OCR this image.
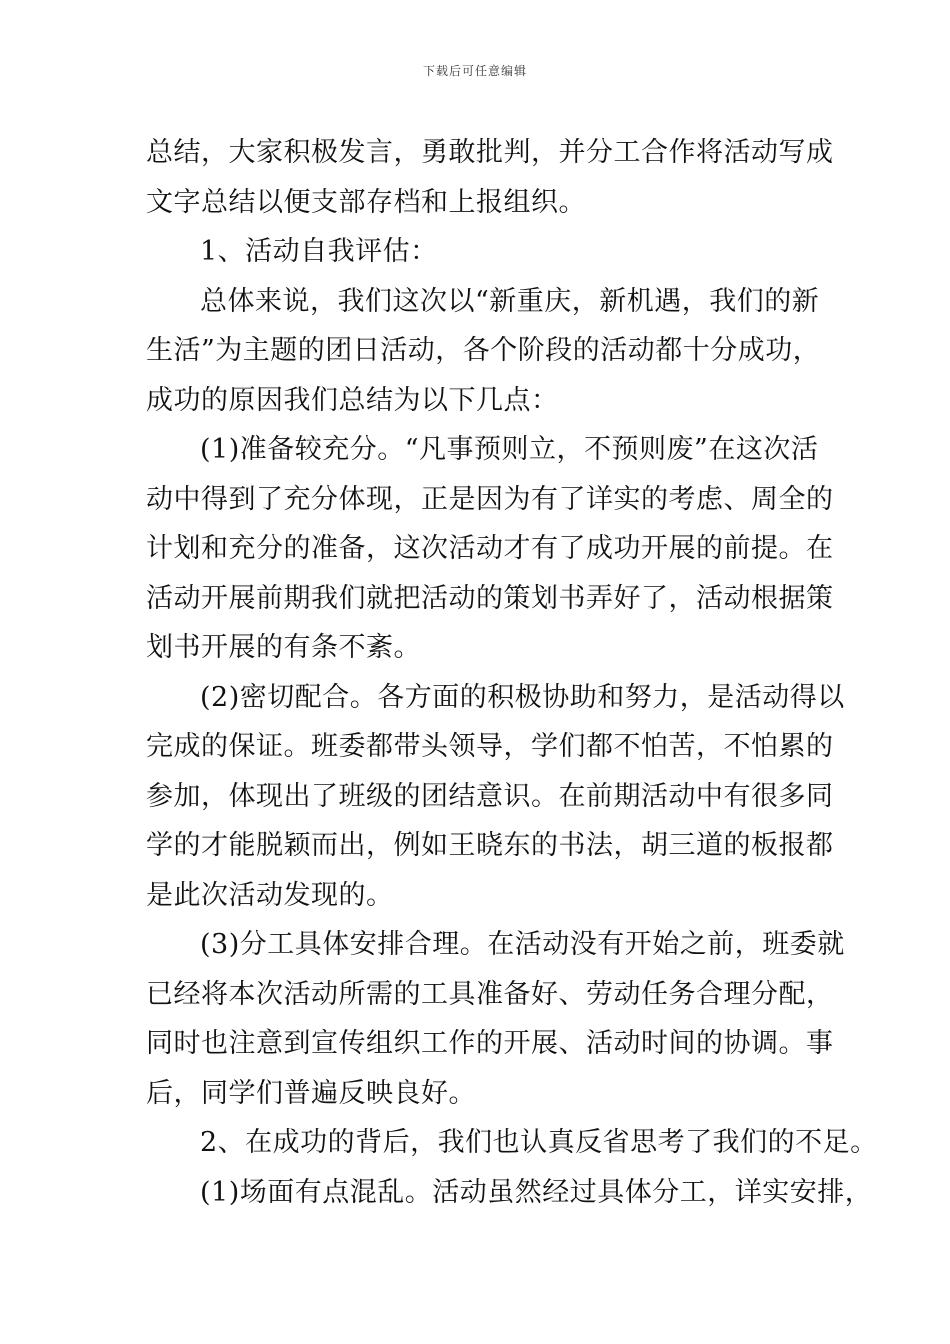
下载后可任意编辑
总结，大家积极发言，勇敢批判，并分工合作将活动写成
文字总结以便支部存档和上报组织。
1、活动自我评估：
总体来说，我们这次以“新重庆，新机遇，我们的新
生活”为主题的团日活动，各个阶段的活动都十分成功，
成功的原因我们总结为以下几点：
(1)准备较充分。“凡事预则立，不预则废”在这次活
动中得到了充分体现，正是因为有了详实的考虑、周全的
计划和充分的准备，这次活动才有了成功开展的前提。在
活动开展前期我们就把活动的策划书弄好了，活动根据策
划书开展的有条不紊。
(2)密切配合。各方面的积极协助和努力，是活动得以
完成的保证。班委都带头领导，学们都不怕苦，不怕累的
参加，体现出了班级的团结意识。在前期活动中有很多同
学的才能脱颖而出，例如王晓东的书法，胡三道的板报都
是此次活动发现的。
(3)分工具体安排合理。在活动没有开始之前，班委就
已经将本次活动所需的工具准备好、劳动任务合理分配，
同时也注意到宣传组织工作的开展、活动时间的协调。事
后，同学们普遍反映良好。
2、在成功的背后，我们也认真反省思考了我们的不足。
(1)场面有点混乱。活动虽然经过具体分工，详实安排，
